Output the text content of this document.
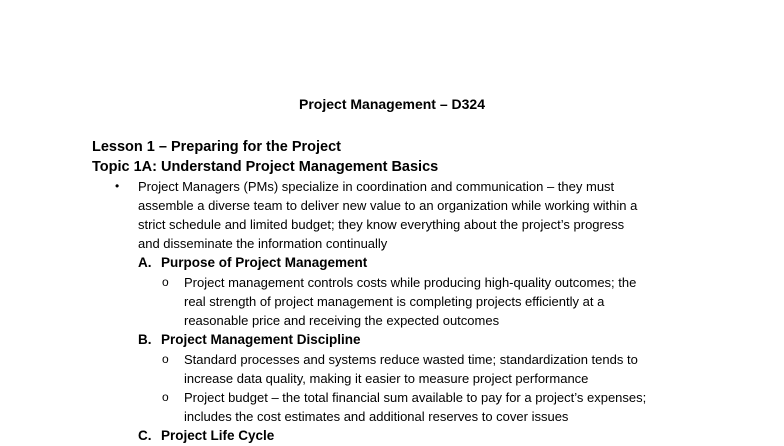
Project Management – D324
Lesson 1 – Preparing for the Project
Topic 1A: Understand Project Management Basics
• Project Managers (PMs) specialize in coordination and communication – they must
assemble a diverse team to deliver new value to an organization while working within a
strict schedule and limited budget; they know everything about the project’s progress
and disseminate the information continually
A. Purpose of Project Management
o Project management controls costs while producing high-quality outcomes; the
real strength of project management is completing projects efficiently at a
reasonable price and receiving the expected outcomes
B. Project Management Discipline
o Standard processes and systems reduce wasted time; standardization tends to
increase data quality, making it easier to measure project performance
o Project budget – the total financial sum available to pay for a project’s expenses;
includes the cost estimates and additional reserves to cover issues
C. Project Life Cycle
